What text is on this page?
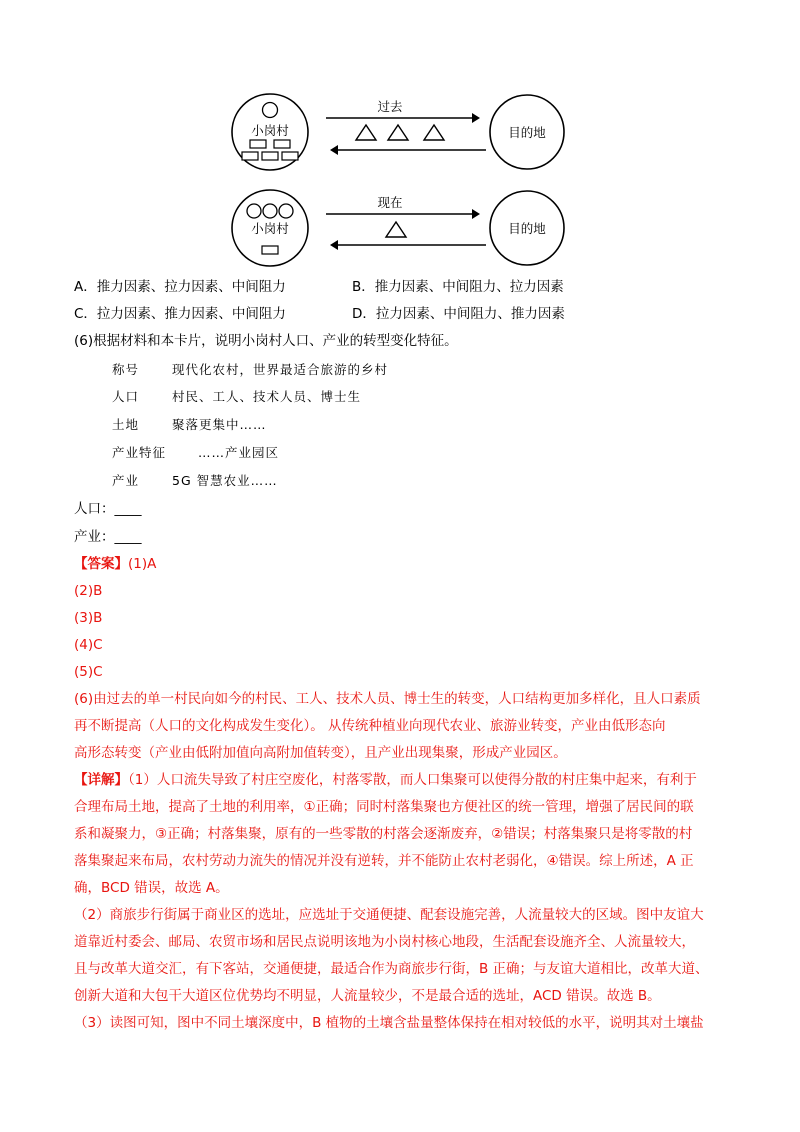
小岗村
过去
目的地
小岗村
现在
目的地
A．推力因素、拉力因素、中间阻力	B．推力因素、中间阻力、拉力因素
C．拉力因素、推力因素、中间阻力	D．拉力因素、中间阻力、推力因素
(6)根据材料和本卡片，说明小岗村人口、产业的转型变化特征。
称号	现代化农村，世界最适合旅游的乡村
人口	村民、工人、技术人员、博士生
土地	聚落更集中……
产业特征	……产业园区
产业	5G 智慧农业……
人口：____
产业：____
【答案】(1)A
(2)B
(3)B
(4)C
(5)C
(6)由过去的单一村民向如今的村民、工人、技术人员、博士生的转变，人口结构更加多样化，且人口素质
再不断提高（人口的文化构成发生变化）。 从传统种植业向现代农业、旅游业转变，产业由低形态向
高形态转变（产业由低附加值向高附加值转变），且产业出现集聚，形成产业园区。
【详解】（1）人口流失导致了村庄空废化，村落零散，而人口集聚可以使得分散的村庄集中起来，有利于
合理布局土地，提高了土地的利用率，①正确；同时村落集聚也方便社区的统一管理，增强了居民间的联
系和凝聚力，③正确；村落集聚，原有的一些零散的村落会逐渐废弃，②错误；村落集聚只是将零散的村
落集聚起来布局，农村劳动力流失的情况并没有逆转，并不能防止农村老弱化，④错误。综上所述，A 正
确，BCD 错误，故选 A。
（2）商旅步行街属于商业区的选址，应选址于交通便捷、配套设施完善，人流量较大的区域。图中友谊大
道靠近村委会、邮局、农贸市场和居民点说明该地为小岗村核心地段，生活配套设施齐全、人流量较大，
且与改革大道交汇，有下客站，交通便捷，最适合作为商旅步行街，B 正确；与友谊大道相比，改革大道、
创新大道和大包干大道区位优势均不明显，人流量较少，不是最合适的选址，ACD 错误。故选 B。
（3）读图可知，图中不同土壤深度中，B 植物的土壤含盐量整体保持在相对较低的水平，说明其对土壤盐
